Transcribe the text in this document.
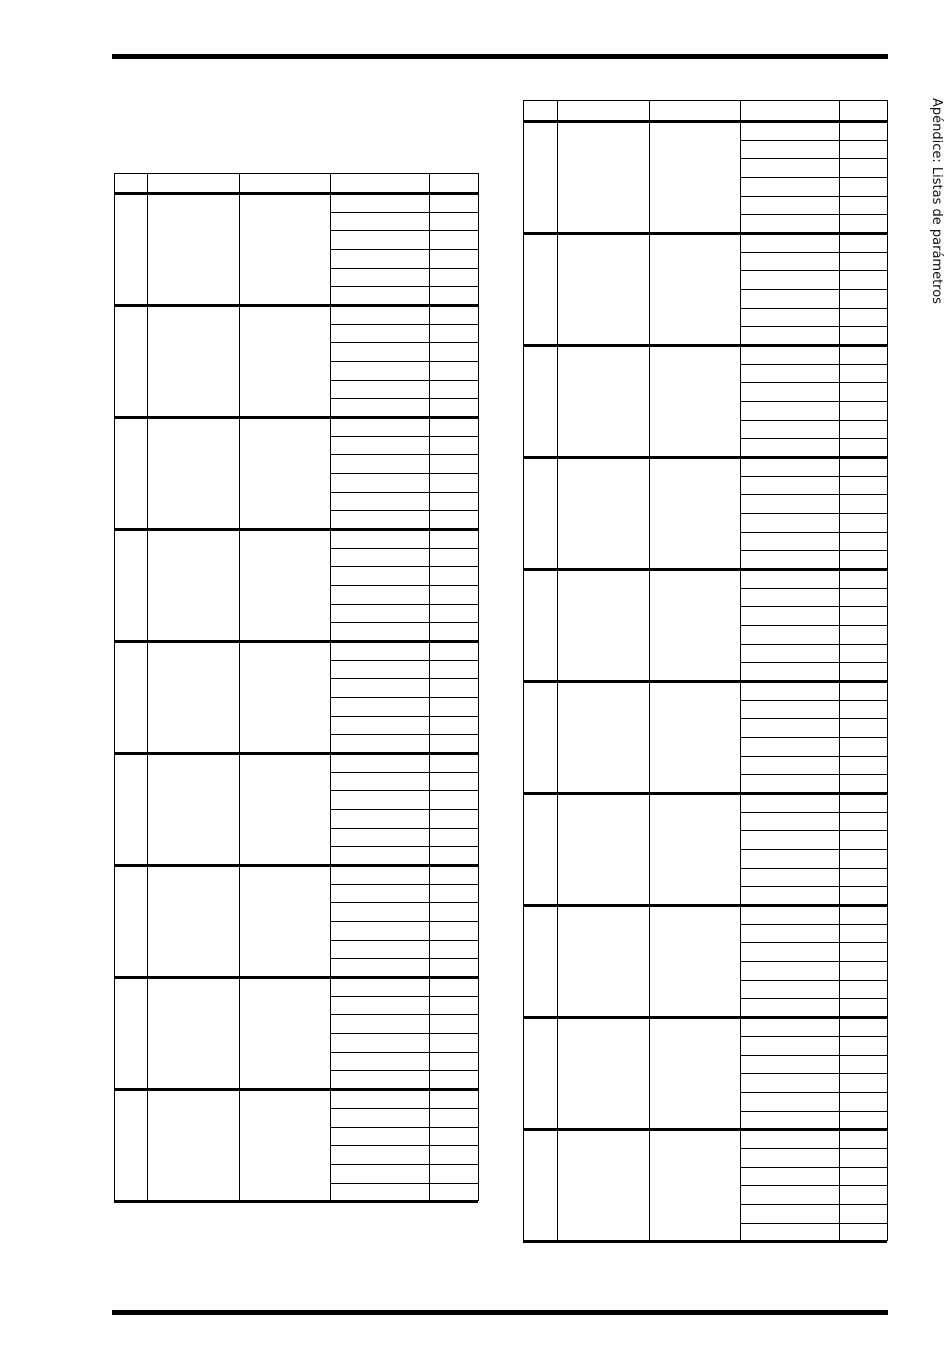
Apéndice: Listas de parámetros
